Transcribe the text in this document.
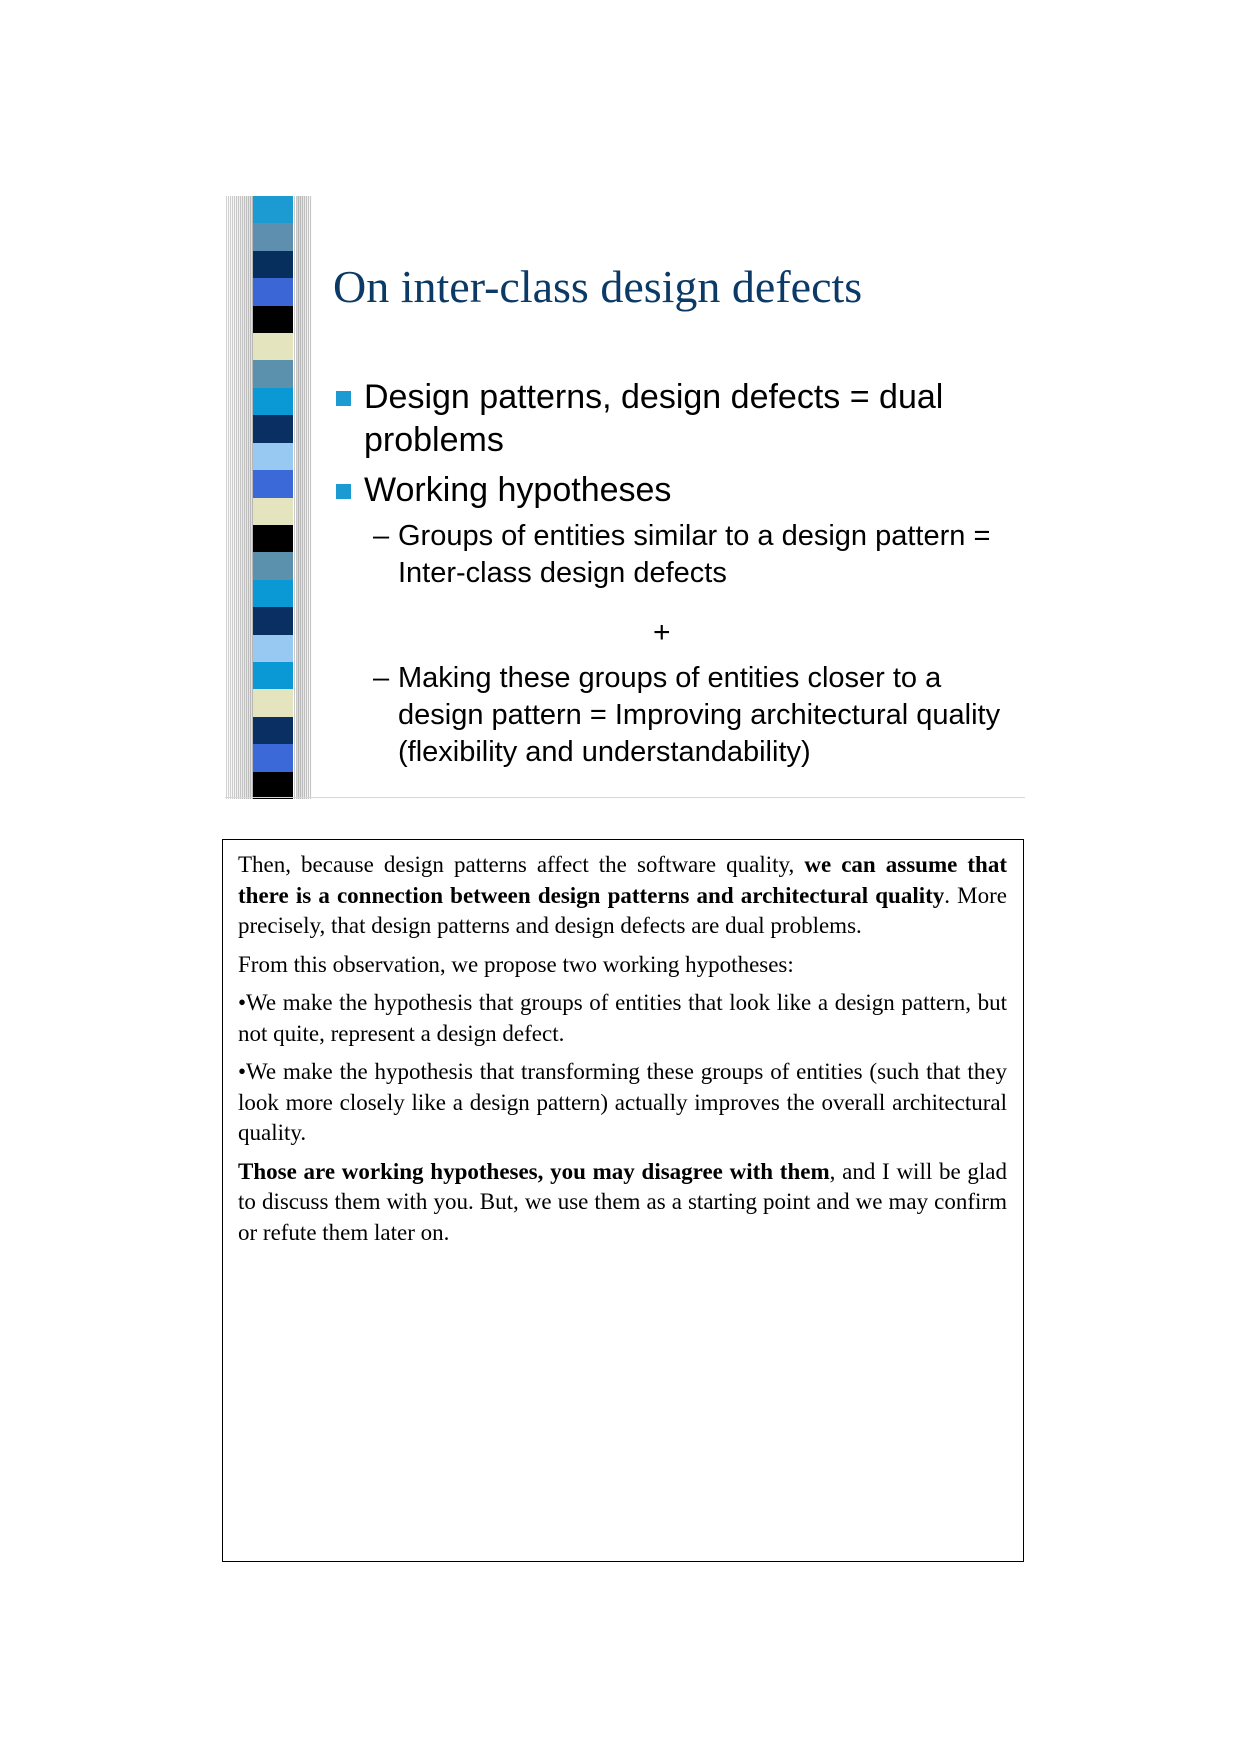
On inter-class design defects
Design patterns, design defects = dual problems
Working hypotheses
– Groups of entities similar to a design pattern = Inter-class design defects
+
– Making these groups of entities closer to a design pattern = Improving architectural quality (flexibility and understandability)

Then, because design patterns affect the software quality, we can assume that there is a connection between design patterns and architectural quality. More precisely, that design patterns and design defects are dual problems.

From this observation, we propose two working hypotheses:

•We make the hypothesis that groups of entities that look like a design pattern, but not quite, represent a design defect.

•We make the hypothesis that transforming these groups of entities (such that they look more closely like a design pattern) actually improves the overall architectural quality.

Those are working hypotheses, you may disagree with them, and I will be glad to discuss them with you. But, we use them as a starting point and we may confirm or refute them later on.
